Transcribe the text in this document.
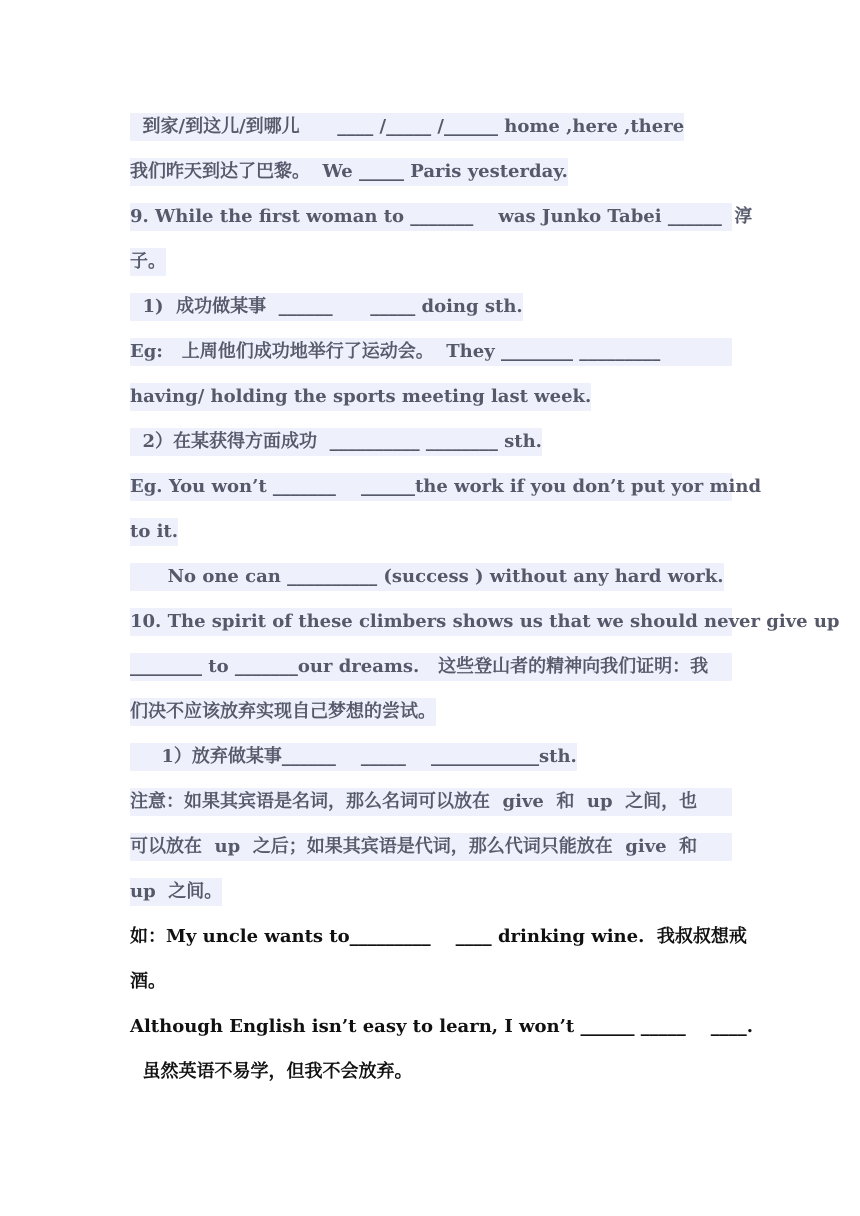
到家/到这儿/到哪儿      ____ /_____ /______ home ,here ,there
我们昨天到达了巴黎。  We _____ Paris yesterday.
9. While the first woman to _______    was Junko Tabei ______  淳
子。
1)  成功做某事  ______      _____ doing sth.
Eg:   上周他们成功地举行了运动会。  They ________ _________
having/ holding the sports meeting last week.
2）在某获得方面成功  __________ ________ sth.
Eg. You won’t _______    ______the work if you don’t put yor mind
to it.
No one can __________ (success ) without any hard work.
10. The spirit of these climbers shows us that we should never give up
________ to _______our dreams.   这些登山者的精神向我们证明：我
们决不应该放弃实现自己梦想的尝试。
1）放弃做某事______    _____    ____________sth.
注意：如果其宾语是名词，那么名词可以放在  give  和  up  之间，也
可以放在  up  之后；如果其宾语是代词，那么代词只能放在  give  和
up  之间。
如：My uncle wants to_________    ____ drinking wine.  我叔叔想戒
酒。
Although English isn’t easy to learn, I won’t ______ _____    ____.
虽然英语不易学，但我不会放弃。
